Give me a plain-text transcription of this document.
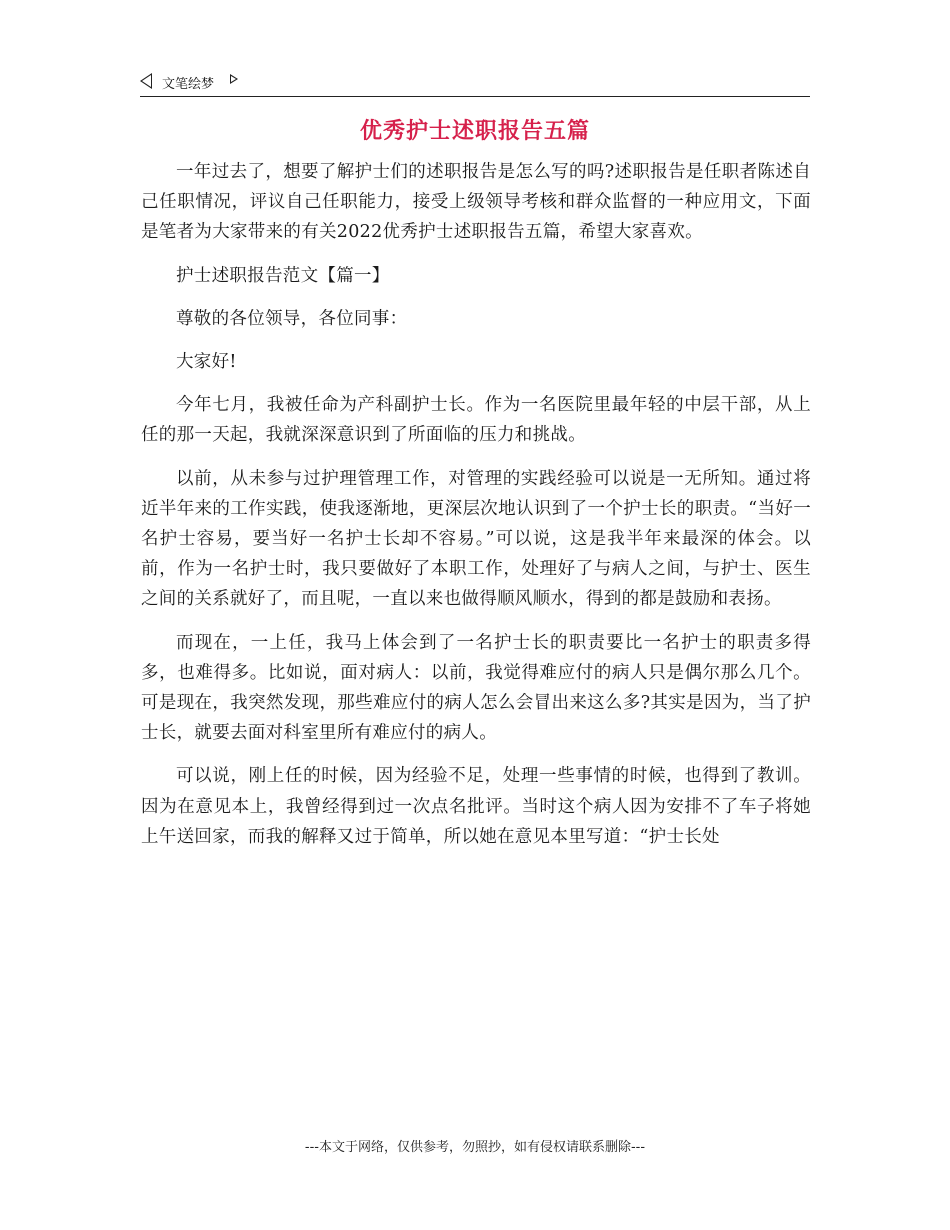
文笔绘梦
优秀护士述职报告五篇

一年过去了，想要了解护士们的述职报告是怎么写的吗?述职报告是任职者陈述自己任职情况，评议自己任职能力，接受上级领导考核和群众监督的一种应用文，下面是笔者为大家带来的有关2022优秀护士述职报告五篇，希望大家喜欢。

护士述职报告范文【篇一】

尊敬的各位领导，各位同事：

大家好!

今年七月，我被任命为产科副护士长。作为一名医院里最年轻的中层干部，从上任的那一天起，我就深深意识到了所面临的压力和挑战。

以前，从未参与过护理管理工作，对管理的实践经验可以说是一无所知。通过将近半年来的工作实践，使我逐渐地，更深层次地认识到了一个护士长的职责。“当好一名护士容易，要当好一名护士长却不容易。”可以说，这是我半年来最深的体会。以前，作为一名护士时，我只要做好了本职工作，处理好了与病人之间，与护士、医生之间的关系就好了，而且呢，一直以来也做得顺风顺水，得到的都是鼓励和表扬。

而现在，一上任，我马上体会到了一名护士长的职责要比一名护士的职责多得多，也难得多。比如说，面对病人：以前，我觉得难应付的病人只是偶尔那么几个。可是现在，我突然发现，那些难应付的病人怎么会冒出来这么多?其实是因为，当了护士长，就要去面对科室里所有难应付的病人。

可以说，刚上任的时候，因为经验不足，处理一些事情的时候，也得到了教训。因为在意见本上，我曾经得到过一次点名批评。当时这个病人因为安排不了车子将她上午送回家，而我的解释又过于简单，所以她在意见本里写道：“护士长处

---本文于网络，仅供参考，勿照抄，如有侵权请联系删除---
